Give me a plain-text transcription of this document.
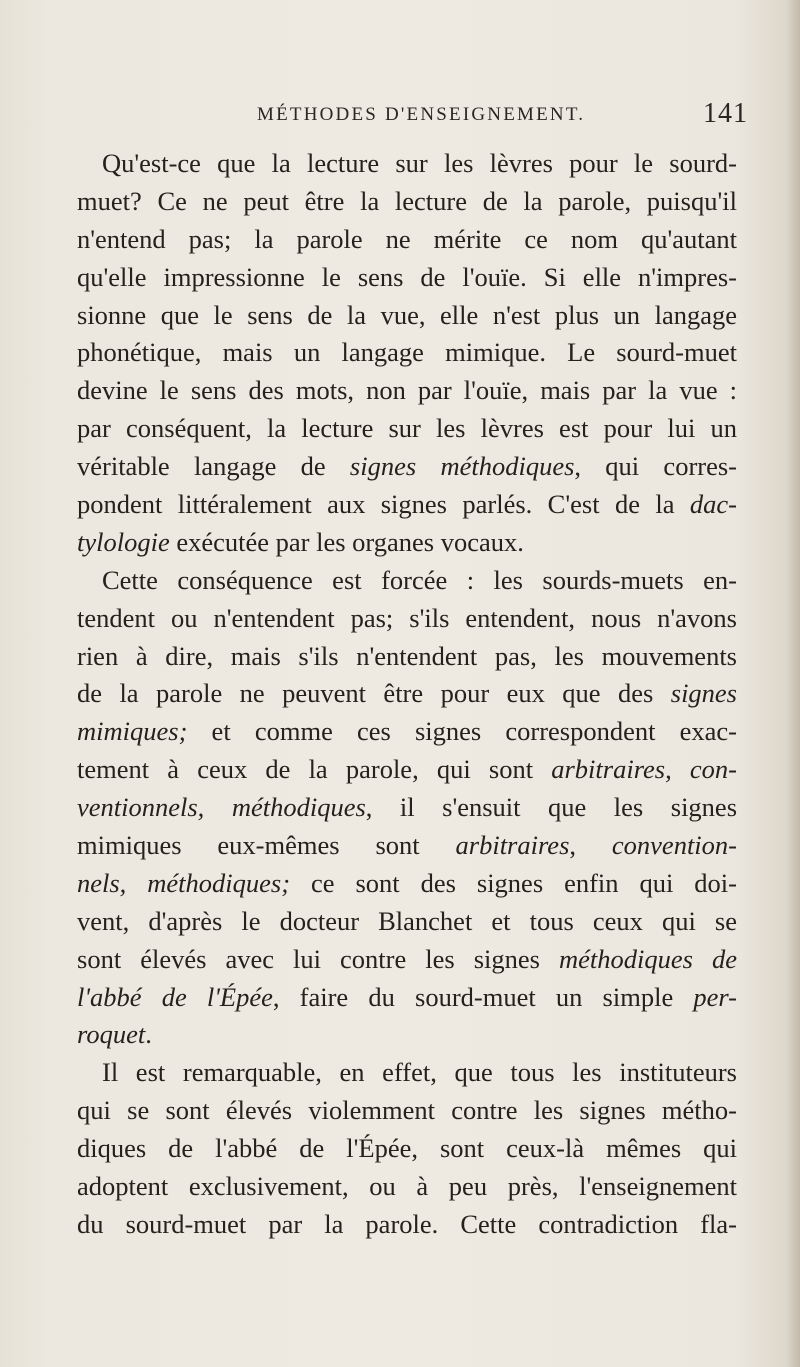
MÉTHODES D'ENSEIGNEMENT.	141
Qu'est-ce que la lecture sur les lèvres pour le sourd-
muet? Ce ne peut être la lecture de la parole, puisqu'il
n'entend pas; la parole ne mérite ce nom qu'autant
qu'elle impressionne le sens de l'ouïe. Si elle n'impres-
sionne que le sens de la vue, elle n'est plus un langage
phonétique, mais un langage mimique. Le sourd-muet
devine le sens des mots, non par l'ouïe, mais par la vue :
par conséquent, la lecture sur les lèvres est pour lui un
véritable langage de signes méthodiques, qui corres-
pondent littéralement aux signes parlés. C'est de la dac-
tylologie exécutée par les organes vocaux.
Cette conséquence est forcée : les sourds-muets en-
tendent ou n'entendent pas; s'ils entendent, nous n'avons
rien à dire, mais s'ils n'entendent pas, les mouvements
de la parole ne peuvent être pour eux que des signes
mimiques; et comme ces signes correspondent exac-
tement à ceux de la parole, qui sont arbitraires, con-
ventionnels, méthodiques, il s'ensuit que les signes
mimiques eux-mêmes sont arbitraires, convention-
nels, méthodiques; ce sont des signes enfin qui doi-
vent, d'après le docteur Blanchet et tous ceux qui se
sont élevés avec lui contre les signes méthodiques de
l'abbé de l'Épée, faire du sourd-muet un simple per-
roquet.
Il est remarquable, en effet, que tous les instituteurs
qui se sont élevés violemment contre les signes métho-
diques de l'abbé de l'Épée, sont ceux-là mêmes qui
adoptent exclusivement, ou à peu près, l'enseignement
du sourd-muet par la parole. Cette contradiction fla-
